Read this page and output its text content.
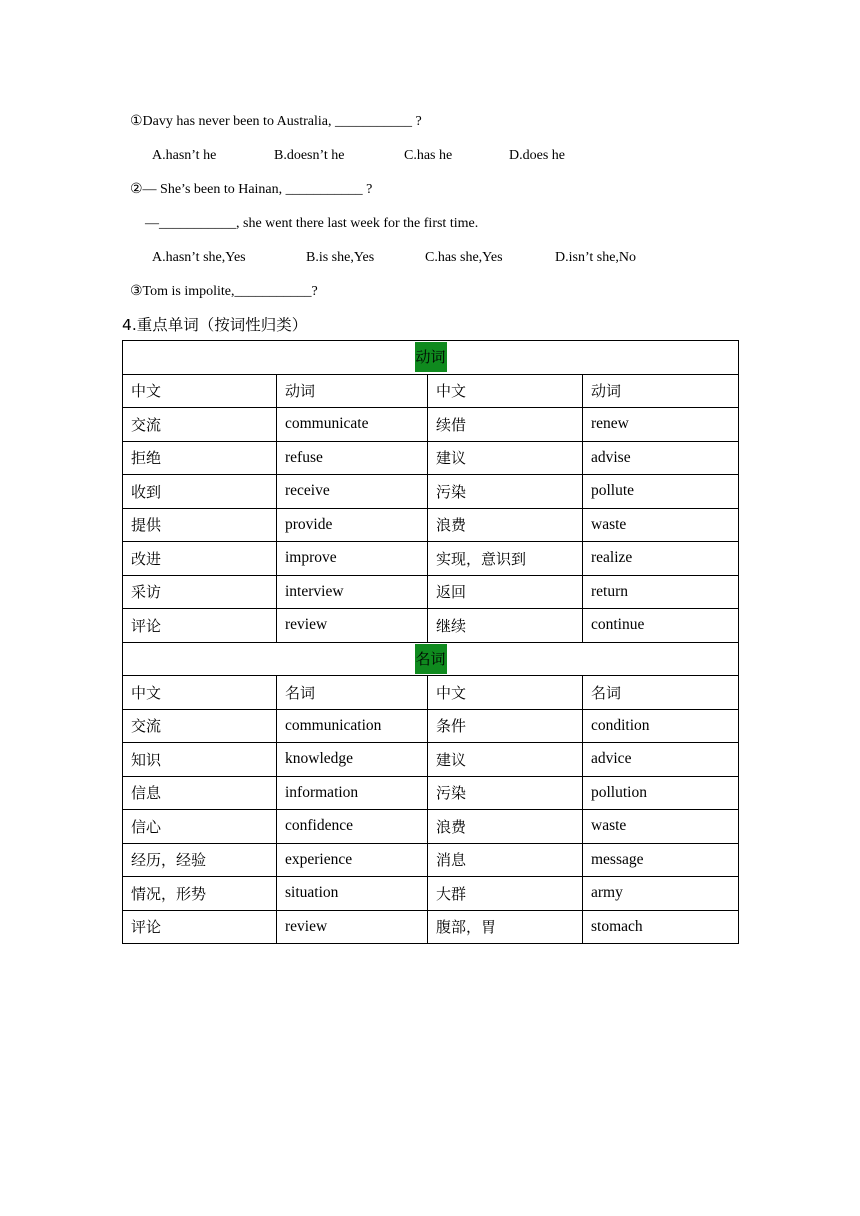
①Davy has never been to Australia, ___________ ?
A.hasn’t he	B.doesn’t he	C.has he	D.does he
②— She’s been to Hainan, ___________ ?
—___________, she went there last week for the first time.
A.hasn’t she,Yes	B.is she,Yes	C.has she,Yes	D.isn’t she,No
③Tom is impolite,___________?
4.重点单词（按词性归类）
动词			
中文	动词	中文	动词
交流	communicate	续借	renew
拒绝	refuse	建议	advise
收到	receive	污染	pollute
提供	provide	浪费	waste
改进	improve	实现，意识到	realize
采访	interview	返回	return
评论	review	继续	continue
名词			
中文	名词	中文	名词
交流	communication	条件	condition
知识	knowledge	建议	advice
信息	information	污染	pollution
信心	confidence	浪费	waste
经历，经验	experience	消息	message
情况，形势	situation	大群	army
评论	review	腹部，胃	stomach
